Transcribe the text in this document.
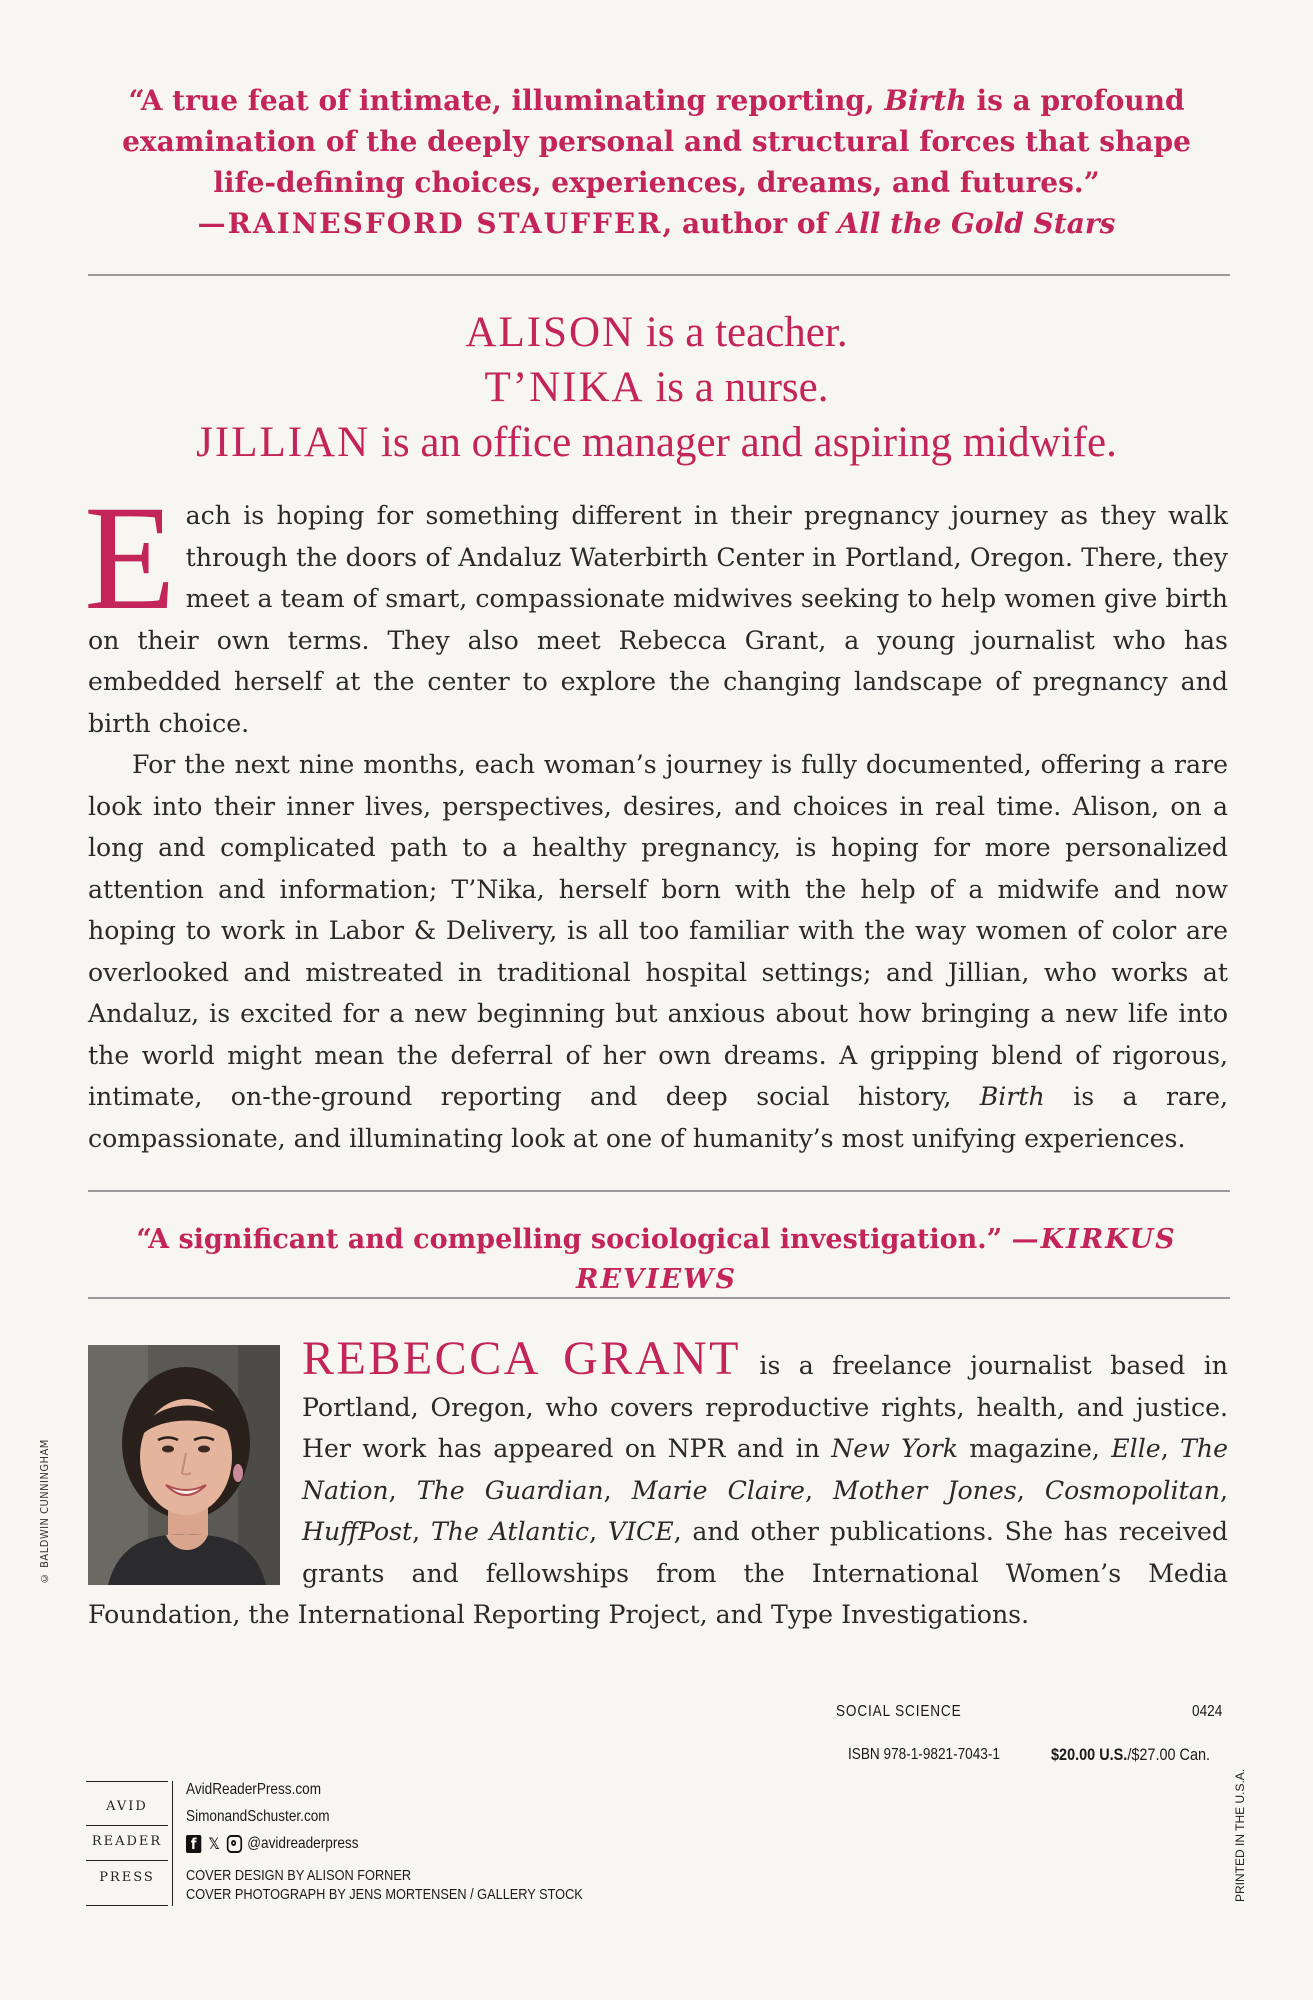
“A true feat of intimate, illuminating reporting, Birth is a profound examination of the deeply personal and structural forces that shape life-defining choices, experiences, dreams, and futures.”
—RAINESFORD STAUFFER, author of All the Gold Stars
ALISON is a teacher.
T’NIKA is a nurse.
JILLIAN is an office manager and aspiring midwife.

Each is hoping for something different in their pregnancy journey as they walk through the doors of Andaluz Waterbirth Center in Portland, Oregon. There, they meet a team of smart, compassionate midwives seeking to help women give birth on their own terms. They also meet Rebecca Grant, a young journalist who has embedded herself at the center to explore the changing landscape of pregnancy and birth choice.

For the next nine months, each woman’s journey is fully documented, offering a rare look into their inner lives, perspectives, desires, and choices in real time. Alison, on a long and complicated path to a healthy pregnancy, is hoping for more personalized attention and information; T’Nika, herself born with the help of a midwife and now hoping to work in Labor & Delivery, is all too familiar with the way women of color are overlooked and mistreated in traditional hospital settings; and Jillian, who works at Andaluz, is excited for a new beginning but anxious about how bringing a new life into the world might mean the deferral of her own dreams. A gripping blend of rigorous, intimate, on-the-ground reporting and deep social history, Birth is a rare, compassionate, and illuminating look at one of humanity’s most unifying experiences.

“A significant and compelling sociological investigation.” —KIRKUS REVIEWS
© BALDWIN CUNNINGHAM
REBECCA GRANT is a freelance journalist based in Portland, Oregon, who covers reproductive rights, health, and justice. Her work has appeared on NPR and in New York magazine, Elle, The Nation, The Guardian, Marie Claire, Mother Jones, Cosmopolitan, HuffPost, The Atlantic, VICE, and other publications. She has received grants and fellowships from the International Women’s Media Foundation, the International Reporting Project, and Type Investigations.
SOCIAL SCIENCE	0424
ISBN 978-1-9821-7043-1	$20.00 U.S./$27.00 Can.
AVID
READER
PRESS
AvidReaderPress.com
SimonandSchuster.com
f 𝕏 @avidreaderpress
COVER DESIGN BY ALISON FORNER
COVER PHOTOGRAPH BY JENS MORTENSEN / GALLERY STOCK	PRINTED IN THE U.S.A.
